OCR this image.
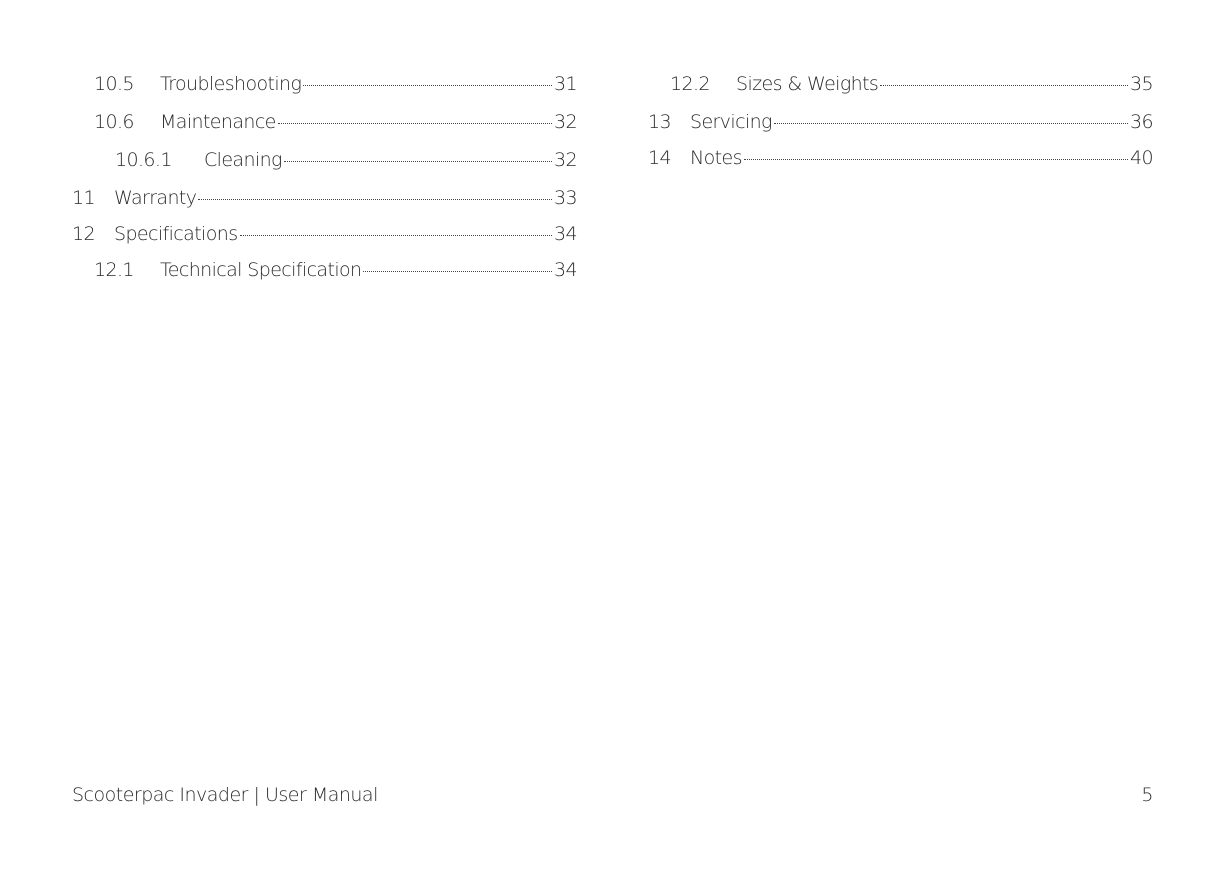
10.5	Troubleshooting	31
10.6	Maintenance	32
10.6.1	Cleaning	32
11	Warranty	33
12	Specifications	34
12.1	Technical Specification	34
12.2	Sizes & Weights	35
13	Servicing	36
14	Notes	40
Scooterpac Invader | User Manual	5
